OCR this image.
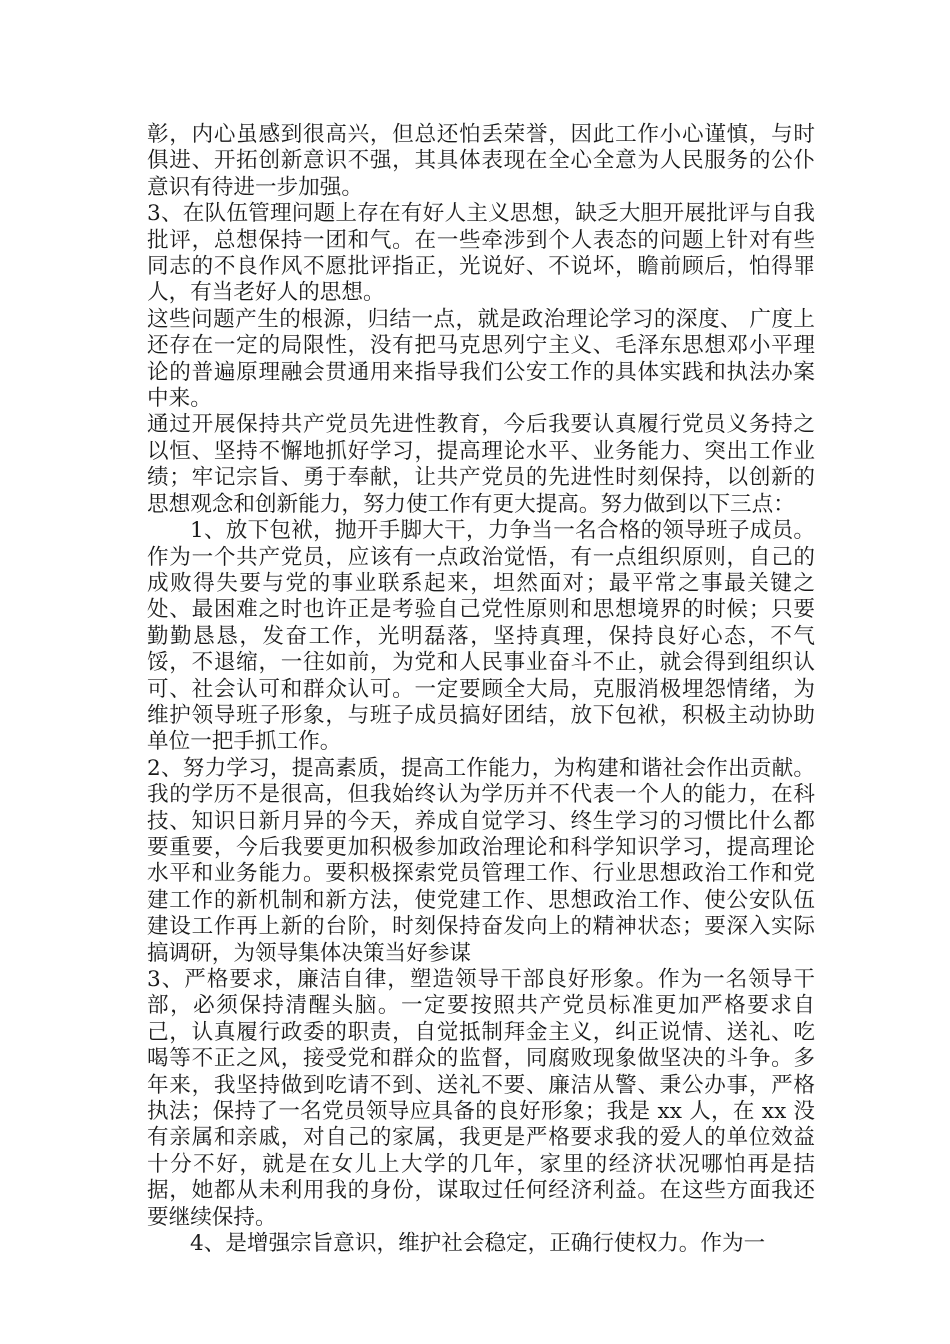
彰，内心虽感到很高兴，但总还怕丢荣誉，因此工作小心谨慎，与时俱进、开拓创新意识不强，其具体表现在全心全意为人民服务的公仆意识有待进一步加强。

3、在队伍管理问题上存在有好人主义思想，缺乏大胆开展批评与自我批评，总想保持一团和气。在一些牵涉到个人表态的问题上针对有些同志的不良作风不愿批评指正，光说好、不说坏，瞻前顾后，怕得罪人，有当老好人的思想。

这些问题产生的根源，归结一点，就是政治理论学习的深度、 广度上还存在一定的局限性，没有把马克思列宁主义、毛泽东思想邓小平理论的普遍原理融会贯通用来指导我们公安工作的具体实践和执法办案中来。

通过开展保持共产党员先进性教育，今后我要认真履行党员义务持之以恒、坚持不懈地抓好学习，提高理论水平、业务能力、突出工作业绩；牢记宗旨、勇于奉献，让共产党员的先进性时刻保持，以创新的思想观念和创新能力，努力使工作有更大提高。努力做到以下三点：

1、放下包袱，抛开手脚大干，力争当一名合格的领导班子成员。作为一个共产党员，应该有一点政治觉悟，有一点组织原则，自己的成败得失要与党的事业联系起来，坦然面对；最平常之事最关键之处、最困难之时也许正是考验自己党性原则和思想境界的时候；只要勤勤恳恳，发奋工作，光明磊落，坚持真理，保持良好心态，不气馁，不退缩，一往如前，为党和人民事业奋斗不止，就会得到组织认可、社会认可和群众认可。一定要顾全大局，克服消极埋怨情绪，为维护领导班子形象，与班子成员搞好团结，放下包袱，积极主动协助单位一把手抓工作。

2、努力学习，提高素质，提高工作能力，为构建和谐社会作出贡献。我的学历不是很高，但我始终认为学历并不代表一个人的能力，在科技、知识日新月异的今天，养成自觉学习、终生学习的习惯比什么都要重要，今后我要更加积极参加政治理论和科学知识学习，提高理论水平和业务能力。要积极探索党员管理工作、行业思想政治工作和党建工作的新机制和新方法，使党建工作、思想政治工作、使公安队伍建设工作再上新的台阶，时刻保持奋发向上的精神状态；要深入实际搞调研，为领导集体决策当好参谋

3、严格要求，廉洁自律，塑造领导干部良好形象。作为一名领导干部，必须保持清醒头脑。一定要按照共产党员标准更加严格要求自己，认真履行政委的职责，自觉抵制拜金主义，纠正说情、送礼、吃喝等不正之风，接受党和群众的监督，同腐败现象做坚决的斗争。多年来，我坚持做到吃请不到、送礼不要、廉洁从警、秉公办事，严格执法；保持了一名党员领导应具备的良好形象；我是 xx 人，在 xx 没有亲属和亲戚，对自己的家属，我更是严格要求我的爱人的单位效益十分不好，就是在女儿上大学的几年，家里的经济状况哪怕再是拮据，她都从未利用我的身份，谋取过任何经济利益。在这些方面我还要继续保持。

4、是增强宗旨意识，维护社会稳定，正确行使权力。作为一
